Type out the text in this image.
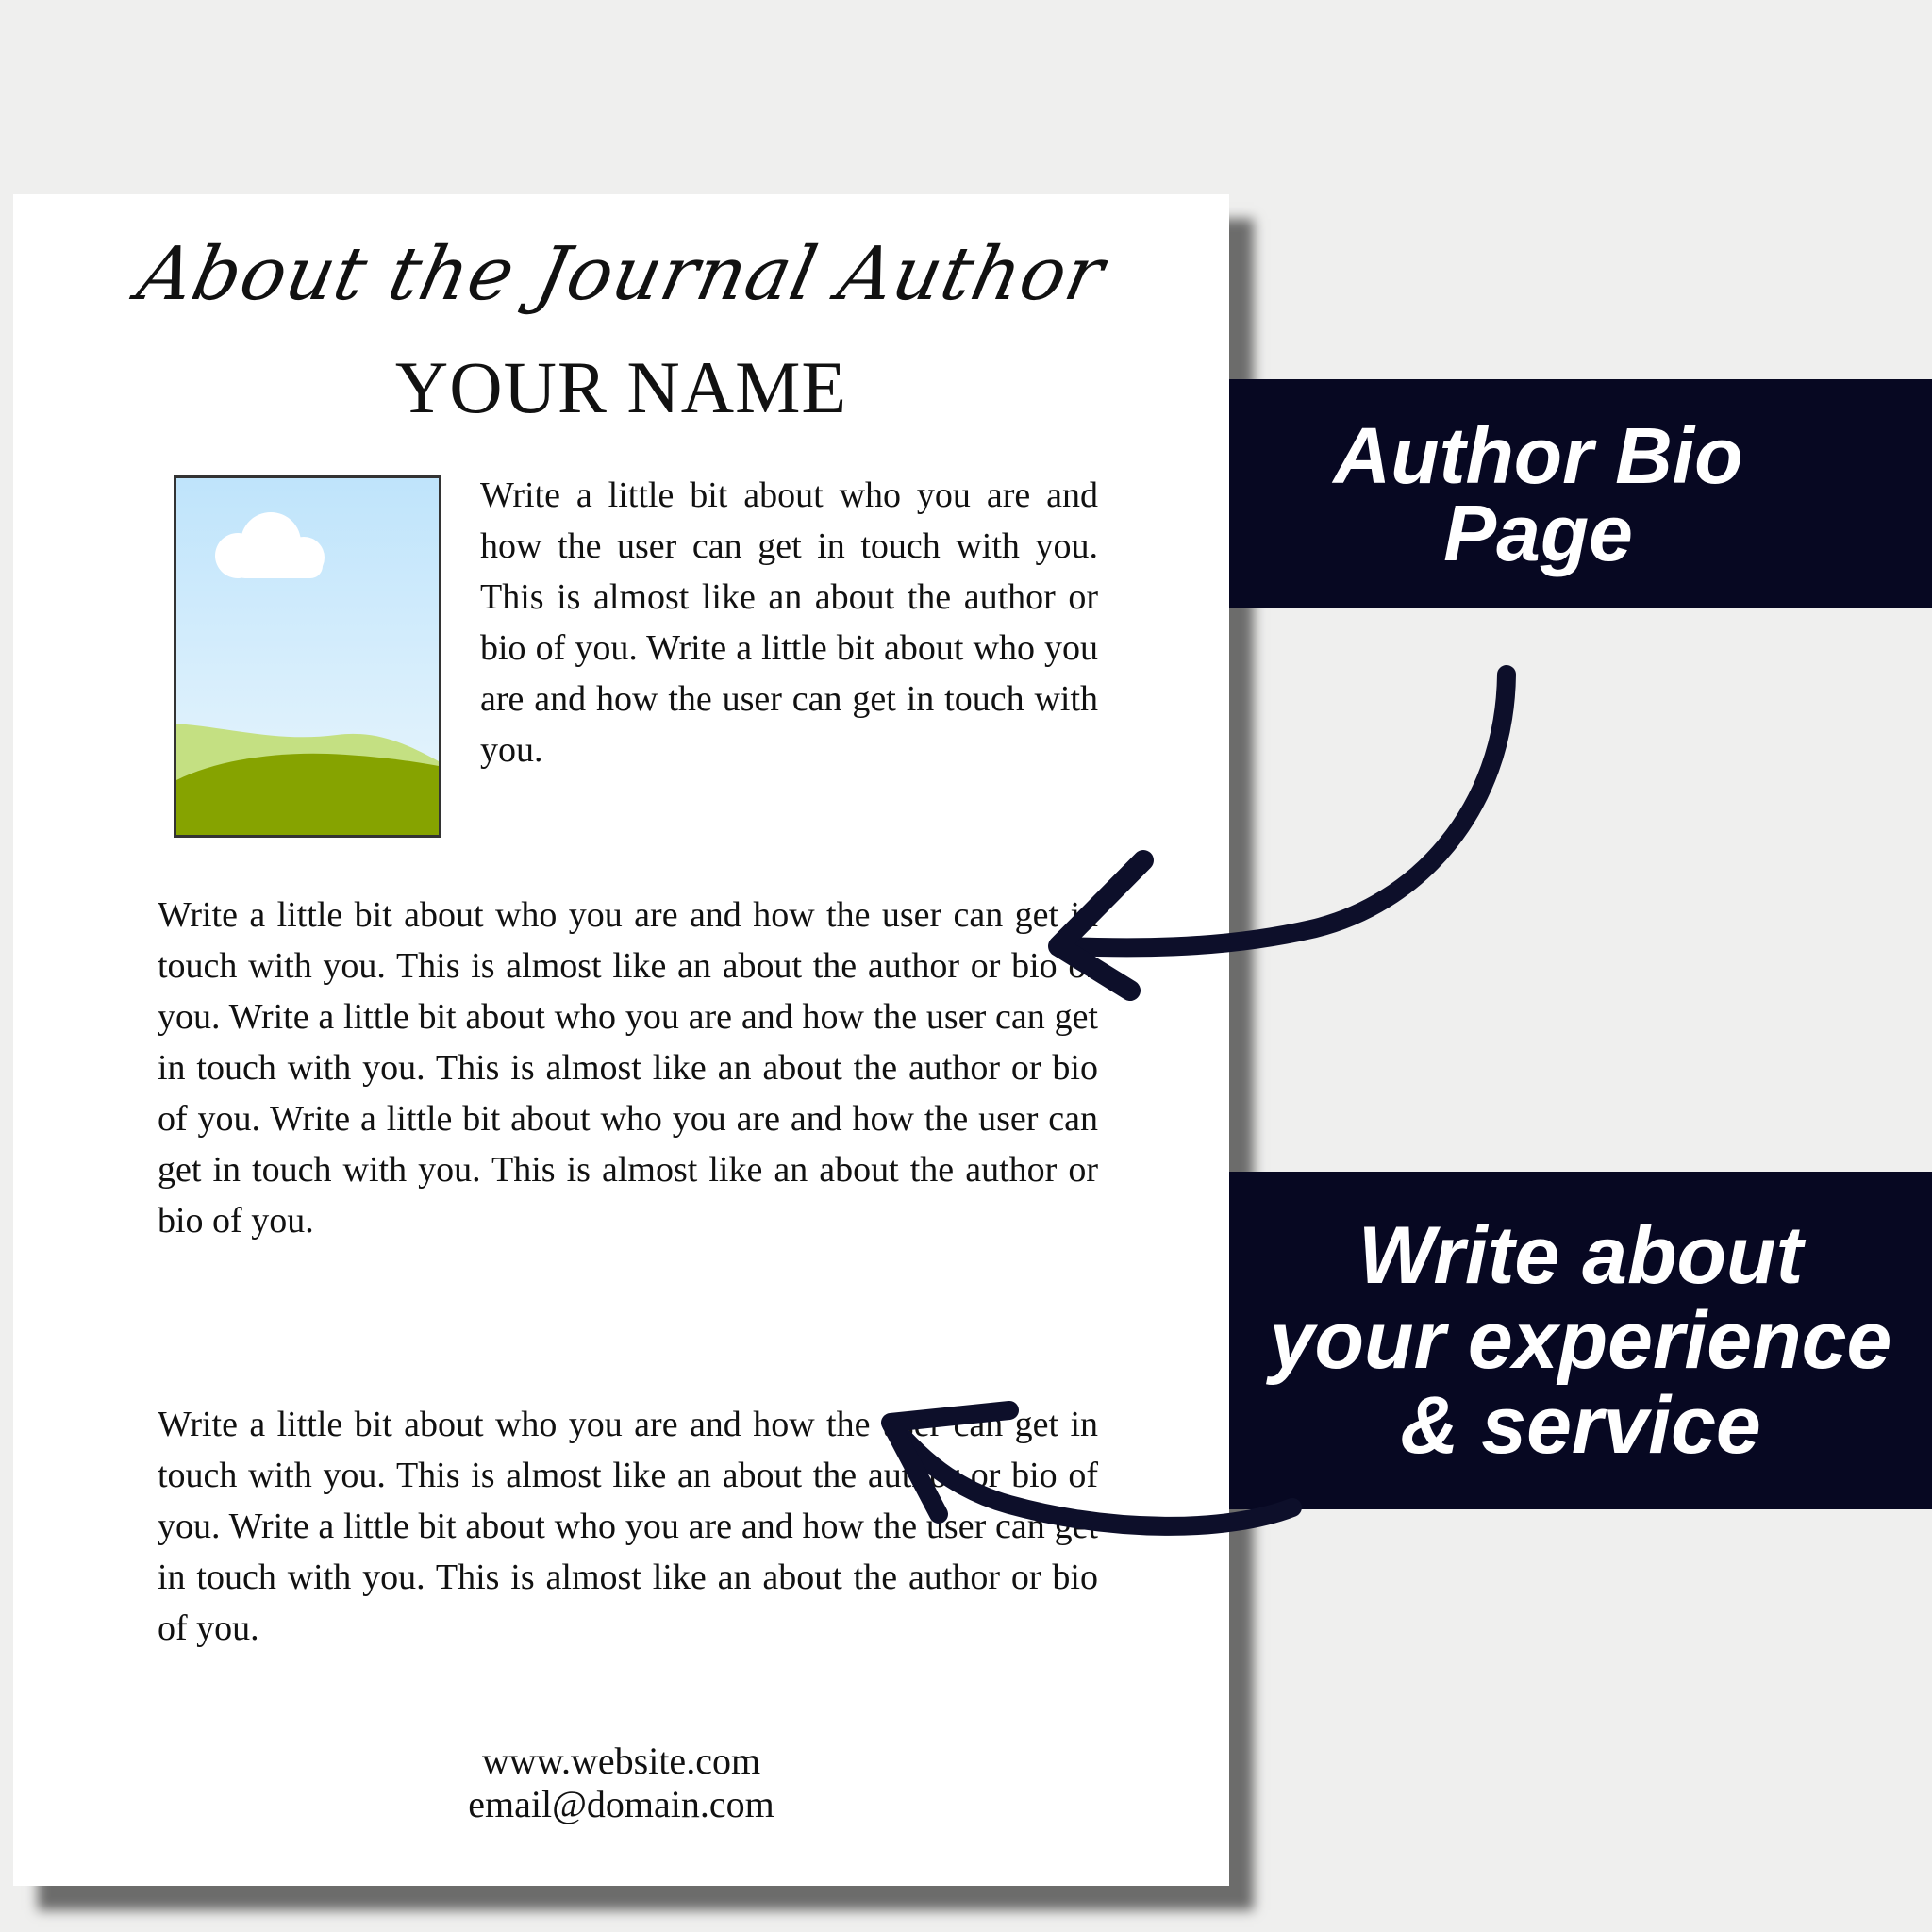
About the Journal Author
YOUR NAME

Write a little bit about who you are and how the user can get in touch with you. This is almost like an about the author or bio of you. Write a little bit about who you are and how the user can get in touch with you.

Write a little bit about who you are and how the user can get in touch with you. This is almost like an about the author or bio of you. Write a little bit about who you are and how the user can get in touch with you. This is almost like an about the author or bio of you. Write a little bit about who you are and how the user can get in touch with you. This is almost like an about the author or bio of you.

Write a little bit about who you are and how the user can get in touch with you. This is almost like an about the author or bio of you. Write a little bit about who you are and how the user can get in touch with you. This is almost like an about the author or bio of you.

www.website.com
email@domain.com
Author Bio
Page
Write about
your experience
& service
